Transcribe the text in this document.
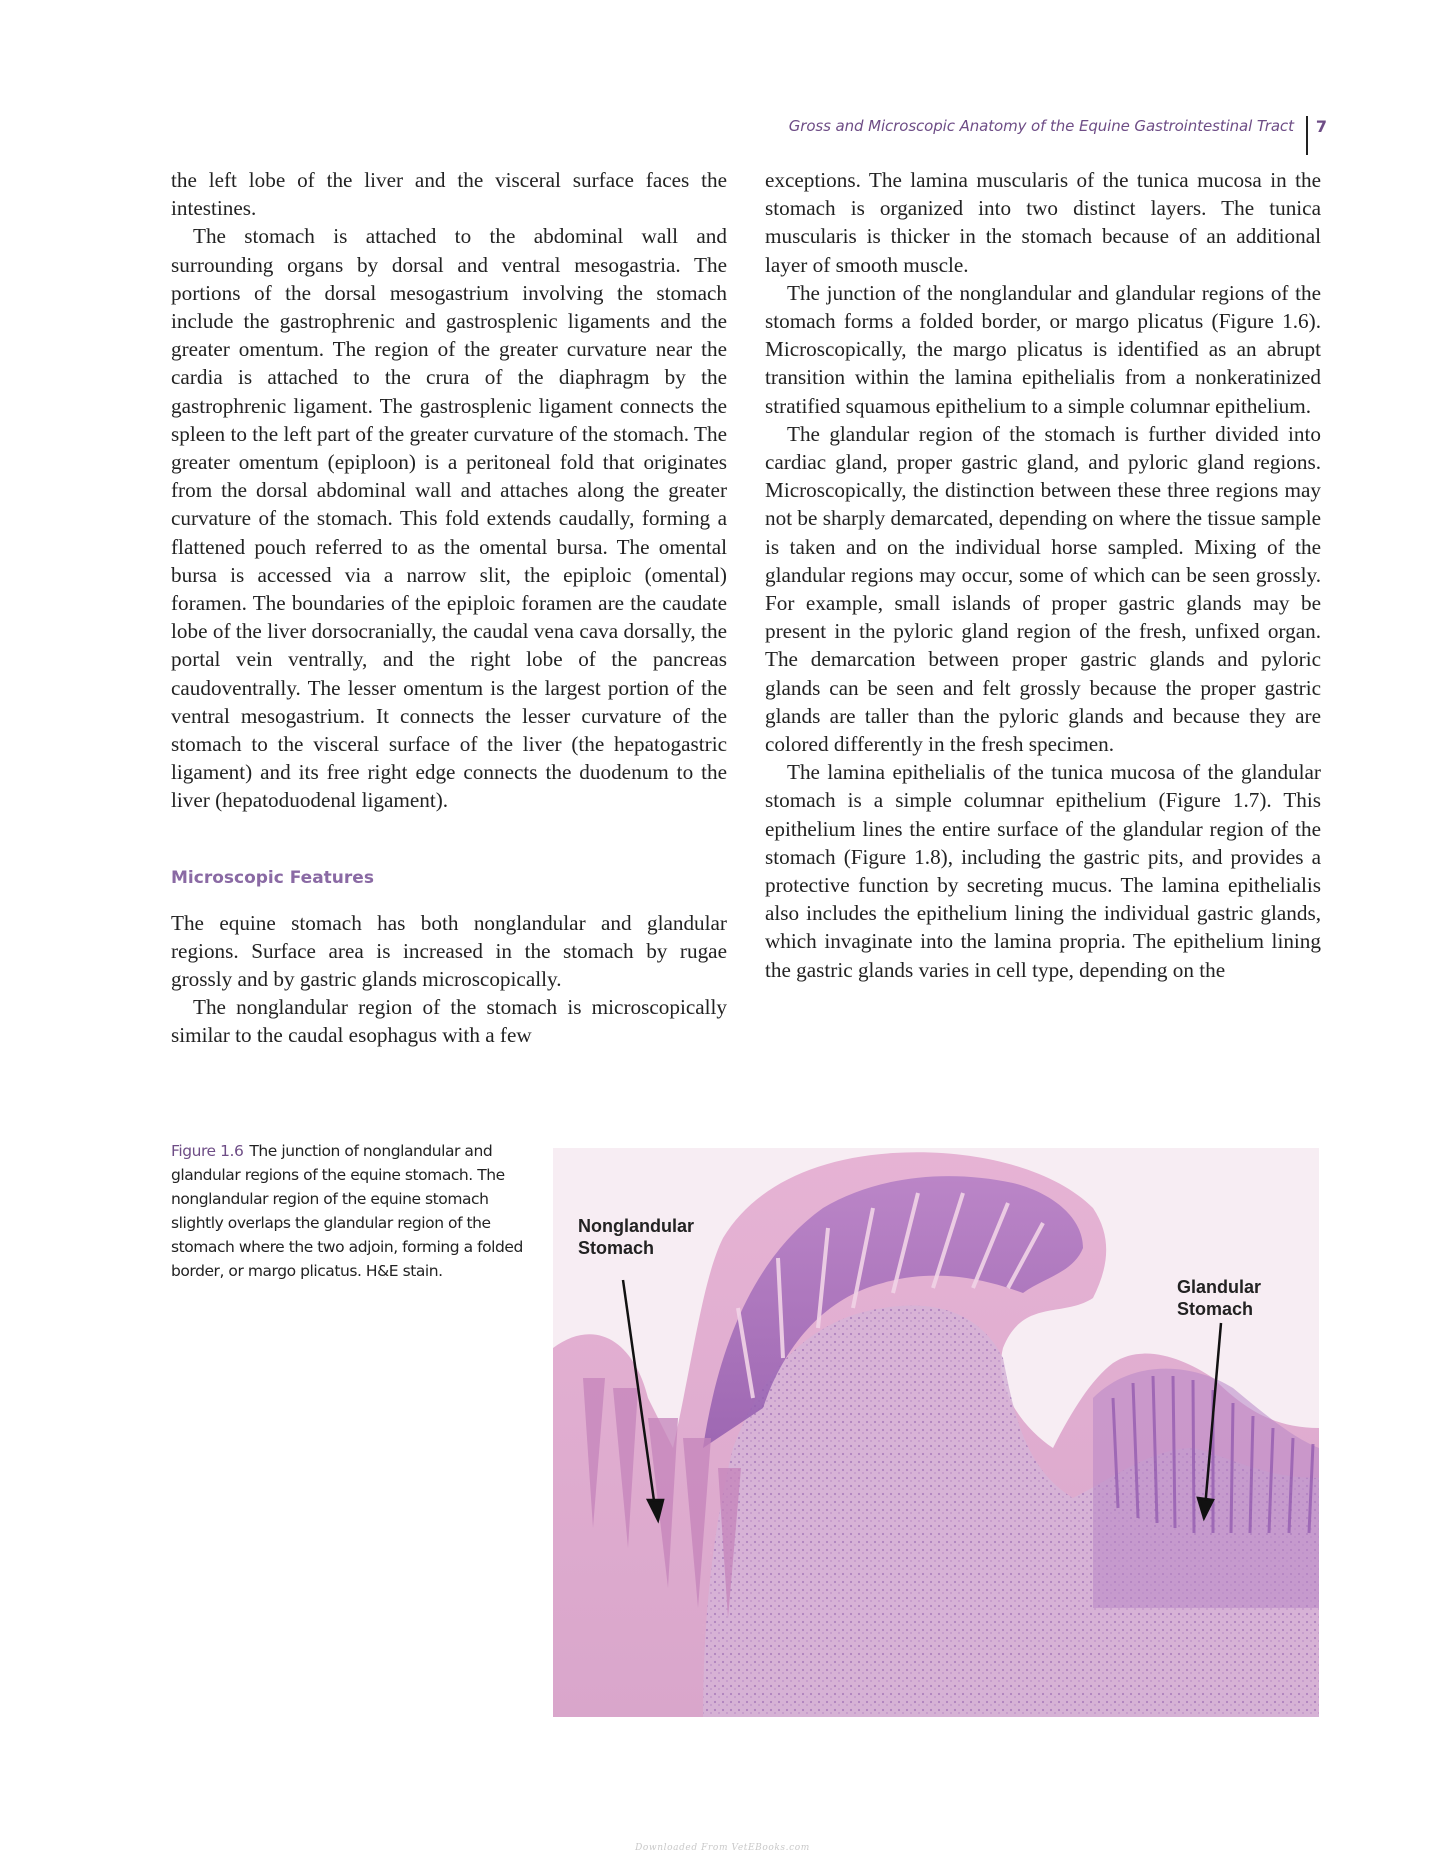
Gross and Microscopic Anatomy of the Equine Gastrointestinal Tract 7

the left lobe of the liver and the visceral surface faces the intestines.

The stomach is attached to the abdominal wall and surrounding organs by dorsal and ventral mesogastria. The portions of the dorsal mesogastrium involving the stomach include the gastrophrenic and gastrosplenic ligaments and the greater omentum. The region of the greater curvature near the cardia is attached to the crura of the diaphragm by the gastrophrenic ligament. The gastrosplenic ligament connects the spleen to the left part of the greater curvature of the stomach. The greater omentum (epiploon) is a peritoneal fold that originates from the dorsal abdominal wall and attaches along the greater curvature of the stomach. This fold extends caudally, forming a flattened pouch referred to as the omental bursa. The omental bursa is accessed via a narrow slit, the epiploic (omental) foramen. The boundaries of the epiploic foramen are the caudate lobe of the liver dorsocranially, the caudal vena cava dorsally, the portal vein ventrally, and the right lobe of the pancreas caudoventrally. The lesser omentum is the largest portion of the ventral mesogastrium. It connects the lesser curvature of the stomach to the visceral surface of the liver (the hepatogastric ligament) and its free right edge connects the duodenum to the liver (hepatoduodenal ligament).

Microscopic Features

The equine stomach has both nonglandular and glandular regions. Surface area is increased in the stomach by rugae grossly and by gastric glands microscopically.

The nonglandular region of the stomach is microscopically similar to the caudal esophagus with a few

exceptions. The lamina muscularis of the tunica mucosa in the stomach is organized into two distinct layers. The tunica muscularis is thicker in the stomach because of an additional layer of smooth muscle.

The junction of the nonglandular and glandular regions of the stomach forms a folded border, or margo plicatus (Figure 1.6). Microscopically, the margo plicatus is identified as an abrupt transition within the lamina epithelialis from a nonkeratinized stratified squamous epithelium to a simple columnar epithelium.

The glandular region of the stomach is further divided into cardiac gland, proper gastric gland, and pyloric gland regions. Microscopically, the distinction between these three regions may not be sharply demarcated, depending on where the tissue sample is taken and on the individual horse sampled. Mixing of the glandular regions may occur, some of which can be seen grossly. For example, small islands of proper gastric glands may be present in the pyloric gland region of the fresh, unfixed organ. The demarcation between proper gastric glands and pyloric glands can be seen and felt grossly because the proper gastric glands are taller than the pyloric glands and because they are colored differently in the fresh specimen.

The lamina epithelialis of the tunica mucosa of the glandular stomach is a simple columnar epithelium (Figure 1.7). This epithelium lines the entire surface of the glandular region of the stomach (Figure 1.8), including the gastric pits, and provides a protective function by secreting mucus. The lamina epithelialis also includes the epithelium lining the individual gastric glands, which invaginate into the lamina propria. The epithelium lining the gastric glands varies in cell type, depending on the

Figure 1.6 The junction of nonglandular and glandular regions of the equine stomach. The nonglandular region of the equine stomach slightly overlaps the glandular region of the stomach where the two adjoin, forming a folded border, or margo plicatus. H&E stain.
Nonglandular
Stomach
Glandular
Stomach
Downloaded From VetEBooks.com
